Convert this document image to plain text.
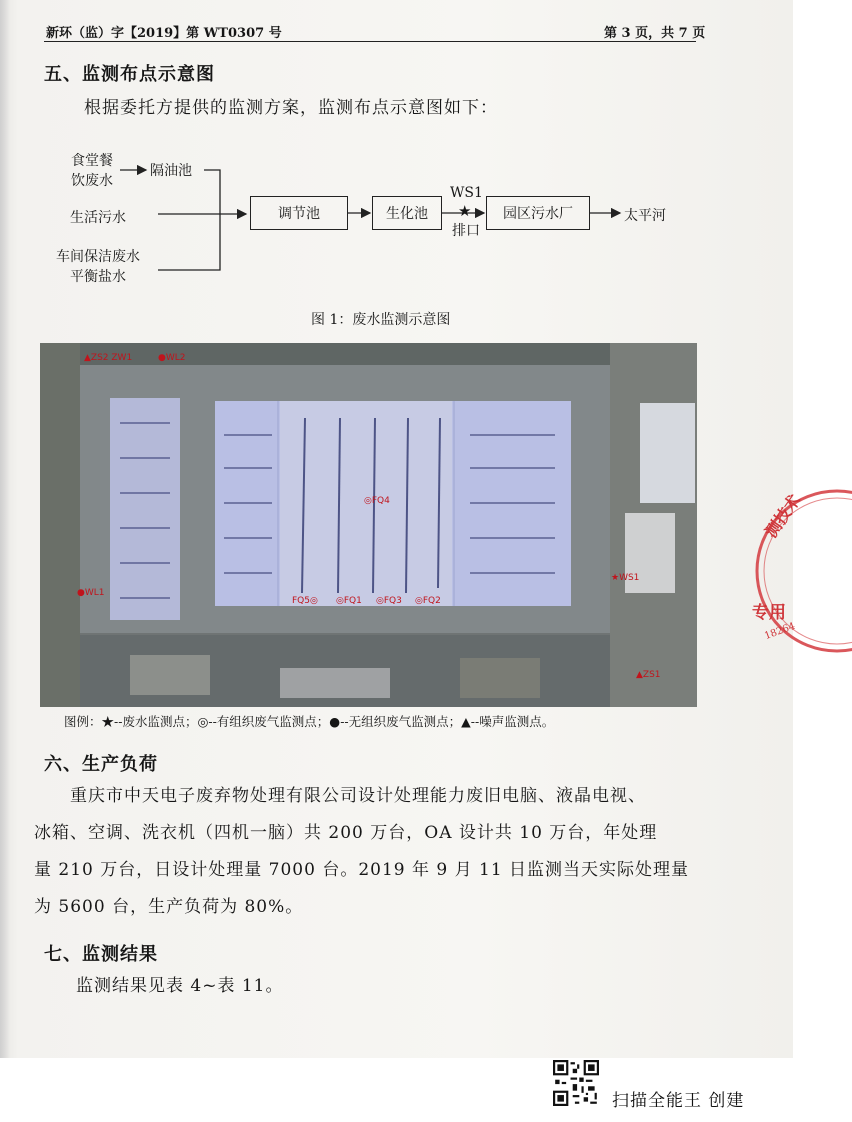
新环（监）字【2019】第 WT0307 号	第 3 页，共 7 页
五、监测布点示意图
根据委托方提供的监测方案，监测布点示意图如下：
食堂餐
饮废水
隔油池
生活污水
车间保洁废水
平衡盐水
调节池	生化池
WS1
★
排口
园区污水厂	太平河
图 1：废水监测示意图
▲ZS2 ZW1	●WL2
◎FQ4
FQ5◎ ◎FQ1 ◎FQ3 ◎FQ2
★WS1
●WL1
▲ZS1
图例：★--废水监测点；◎--有组织废气监测点；●--无组织废气监测点；▲--噪声监测点。
六、生产负荷
重庆市中天电子废弃物处理有限公司设计处理能力废旧电脑、液晶电视、
冰箱、空调、洗衣机（四机一脑）共 200 万台，OA 设计共 10 万台，年处理
量 210 万台，日设计处理量 7000 台。2019 年 9 月 11 日监测当天实际处理量
为 5600 台，生产负荷为 80%。
七、监测结果
监测结果见表 4~表 11。
测技术
专用
18264
扫描全能王 创建
